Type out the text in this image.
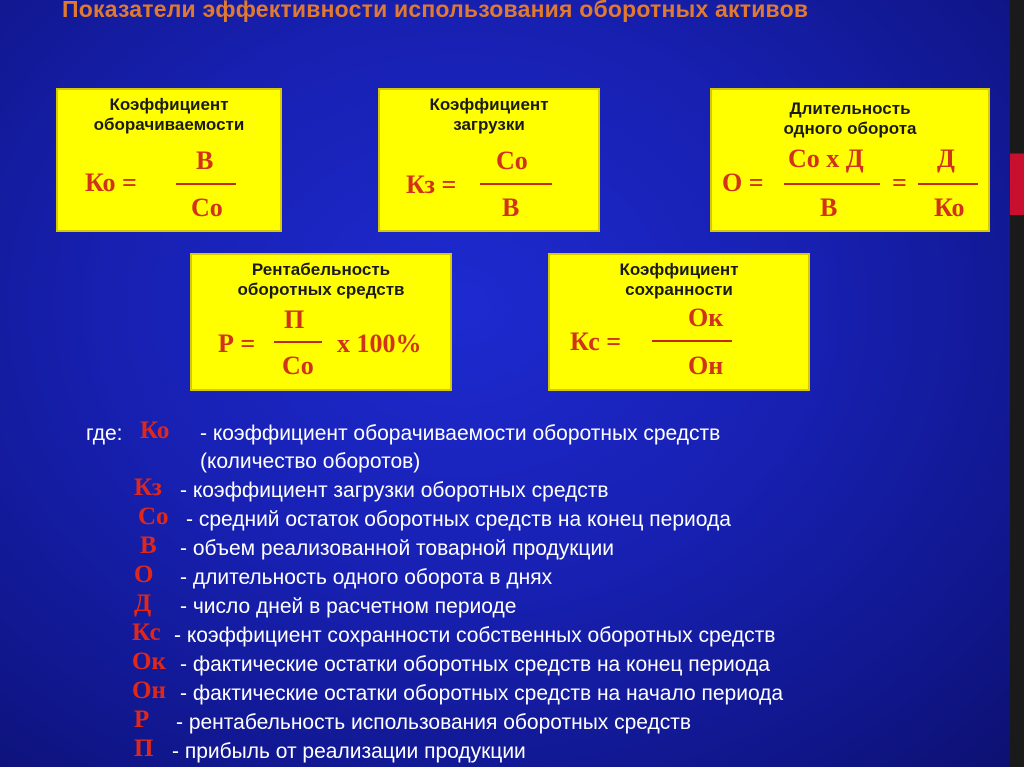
Показатели эффективности использования оборотных активов
Коэффициент
оборачиваемости
Ко =
В
Со
Коэффициент
загрузки
Кз =
Со
В
Длительность
одного оборота
О =
Со х Д
В
=
Д
Ко
Рентабельность
оборотных средств
Р =
П
Со
х 100%
Коэффициент
сохранности
Кс =
Ок
Он
где: Ко - коэффициент оборачиваемости оборотных средств
(количество оборотов)
Кз - коэффициент загрузки оборотных средств
Со - средний остаток оборотных средств на конец периода
В - объем реализованной товарной продукции
О - длительность одного оборота в днях
Д - число дней в расчетном периоде
Кс - коэффициент сохранности собственных оборотных средств
Ок - фактические остатки оборотных средств на конец периода
Он - фактические остатки оборотных средств на начало периода
Р - рентабельность использования оборотных средств
П - прибыль от реализации продукции
